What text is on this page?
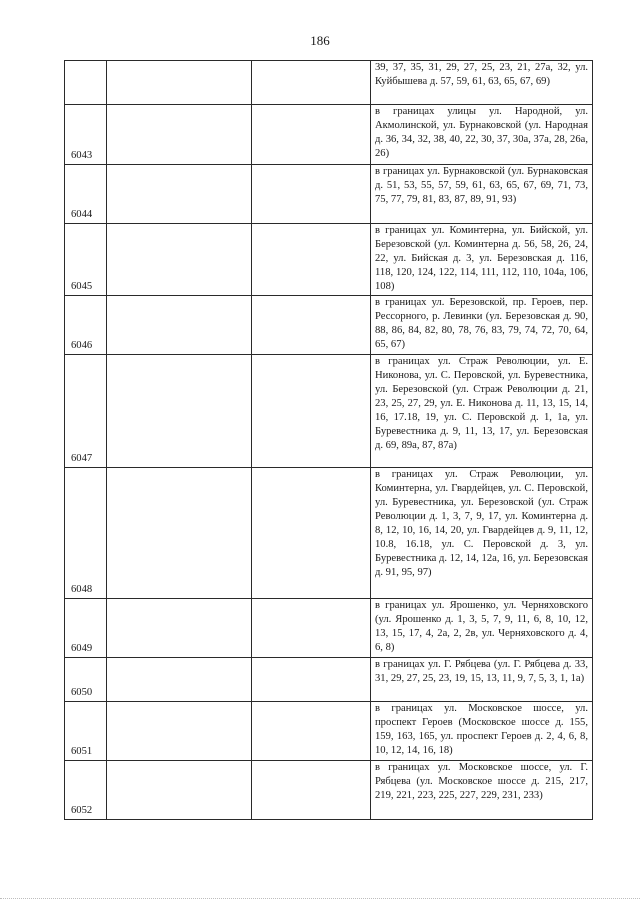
186
			39, 37, 35, 31, 29, 27, 25, 23, 21, 27а, 32, ул. Куйбышева д. 57, 59, 61, 63, 65, 67, 69)
6043			в границах улицы ул. Народной, ул. Акмолинской, ул. Бурнаковской (ул. Народная д. 36, 34, 32, 38, 40, 22, 30, 37, 30а, 37а, 28, 26а, 26)
6044			в границах ул. Бурнаковской (ул. Бурнаковская д. 51, 53, 55, 57, 59, 61, 63, 65, 67, 69, 71, 73, 75, 77, 79, 81, 83, 87, 89, 91, 93)
6045			в границах ул. Коминтерна, ул. Бийской, ул. Березовской (ул. Коминтерна д. 56, 58, 26, 24, 22, ул. Бийская д. 3, ул. Березовская д. 116, 118, 120, 124, 122, 114, 111, 112, 110, 104а, 106, 108)
6046			в границах ул. Березовской, пр. Героев, пер. Рессорного, р. Левинки (ул. Березовская д. 90, 88, 86, 84, 82, 80, 78, 76, 83, 79, 74, 72, 70, 64, 65, 67)
6047			в границах ул. Страж Революции, ул. Е. Никонова, ул. С. Перовской, ул. Буревестника, ул. Березовской (ул. Страж Революции д. 21, 23, 25, 27, 29, ул. Е. Никонова д. 11, 13, 15, 14, 16, 17.18, 19, ул. С. Перовской д. 1, 1а, ул. Буревестника д. 9, 11, 13, 17, ул. Березовская д. 69, 89а, 87, 87а)
6048			в границах ул. Страж Революции, ул. Коминтерна, ул. Гвардейцев, ул. С. Перовской, ул. Буревестника, ул. Березовской (ул. Страж Революции д. 1, 3, 7, 9, 17, ул. Коминтерна д. 8, 12, 10, 16, 14, 20, ул. Гвардейцев д. 9, 11, 12, 10.8, 16.18, ул. С. Перовской д. 3, ул. Буревестника д. 12, 14, 12а, 16, ул. Березовская д. 91, 95, 97)
6049			в границах ул. Ярошенко, ул. Черняховского (ул. Ярошенко д. 1, 3, 5, 7, 9, 11, 6, 8, 10, 12, 13, 15, 17, 4, 2а, 2, 2в, ул. Черняховского д. 4, 6, 8)
6050			в границах ул. Г. Рябцева (ул. Г. Рябцева д. 33, 31, 29, 27, 25, 23, 19, 15, 13, 11, 9, 7, 5, 3, 1, 1а)
6051			в границах ул. Московское шоссе, ул. проспект Героев (Московское шоссе д. 155, 159, 163, 165, ул. проспект Героев д. 2, 4, 6, 8, 10, 12, 14, 16, 18)
6052			в границах ул. Московское шоссе, ул. Г. Рябцева (ул. Московское шоссе д. 215, 217, 219, 221, 223, 225, 227, 229, 231, 233)
